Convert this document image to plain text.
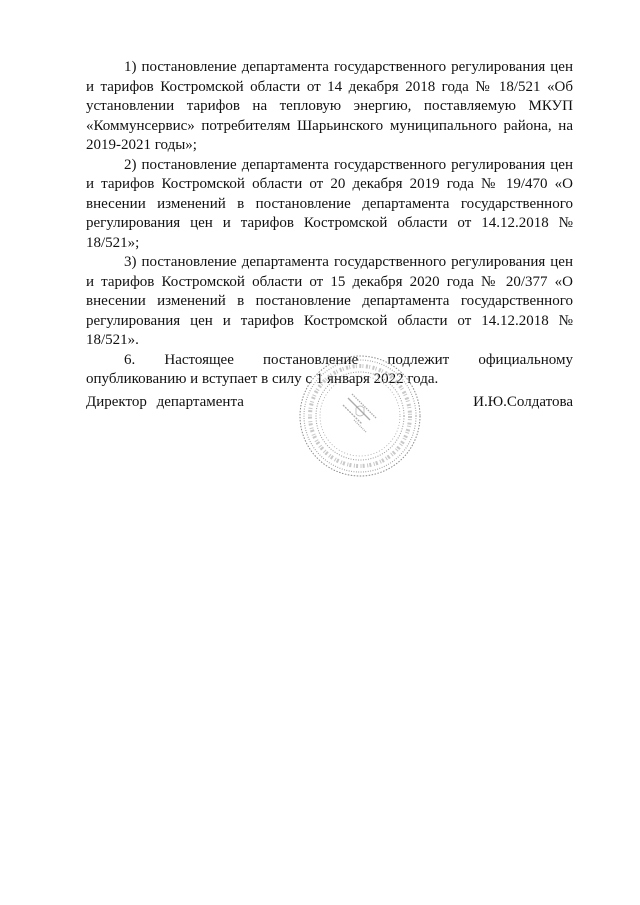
1) постановление департамента государственного регулирования цен и тарифов Костромской области от 14 декабря 2018 года № 18/521 «Об установлении тарифов на тепловую энергию, поставляемую МКУП «Коммунсервис» потребителям Шарьинского муниципального района, на 2019-2021 годы»;

2) постановление департамента государственного регулирования цен и тарифов Костромской области от 20 декабря 2019 года № 19/470 «О внесении изменений в постановление департамента государственного регулирования цен и тарифов Костромской области от 14.12.2018 № 18/521»;

3) постановление департамента государственного регулирования цен и тарифов Костромской области от 15 декабря 2020 года № 20/377 «О внесении изменений в постановление департамента государственного регулирования цен и тарифов Костромской области от 14.12.2018 № 18/521».

6. Настоящее постановление подлежит официальному опубликованию и вступает в силу с 1 января 2022 года.

Директор департамента	И.Ю.Солдатова
